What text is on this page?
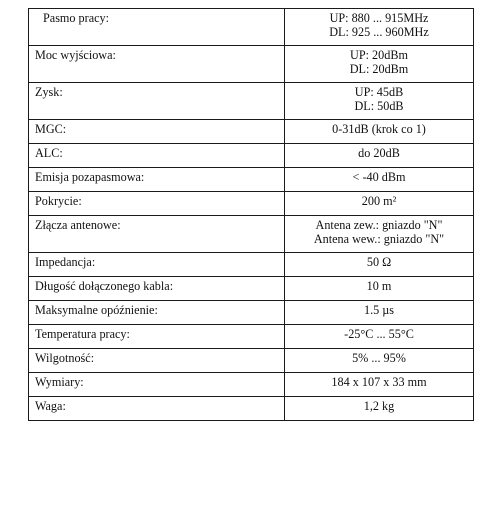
Pasmo pracy:	UP: 880 ... 915MHz
DL: 925 ... 960MHz

Moc wyjściowa:	UP: 20dBm
DL: 20dBm

Zysk:	UP: 45dB
DL: 50dB

MGC:	0-31dB (krok co 1)

ALC:	do 20dB

Emisja pozapasmowa:	< -40 dBm

Pokrycie:	200 m²

Złącza antenowe:	Antena zew.: gniazdo "N"
Antena wew.: gniazdo "N"

Impedancja:	50 Ω

Długość dołączonego kabla:	10 m

Maksymalne opóźnienie:	1.5 µs

Temperatura pracy:	-25°C ... 55°C

Wilgotność:	5% ... 95%

Wymiary:	184 x 107 x 33 mm

Waga:	1,2 kg
